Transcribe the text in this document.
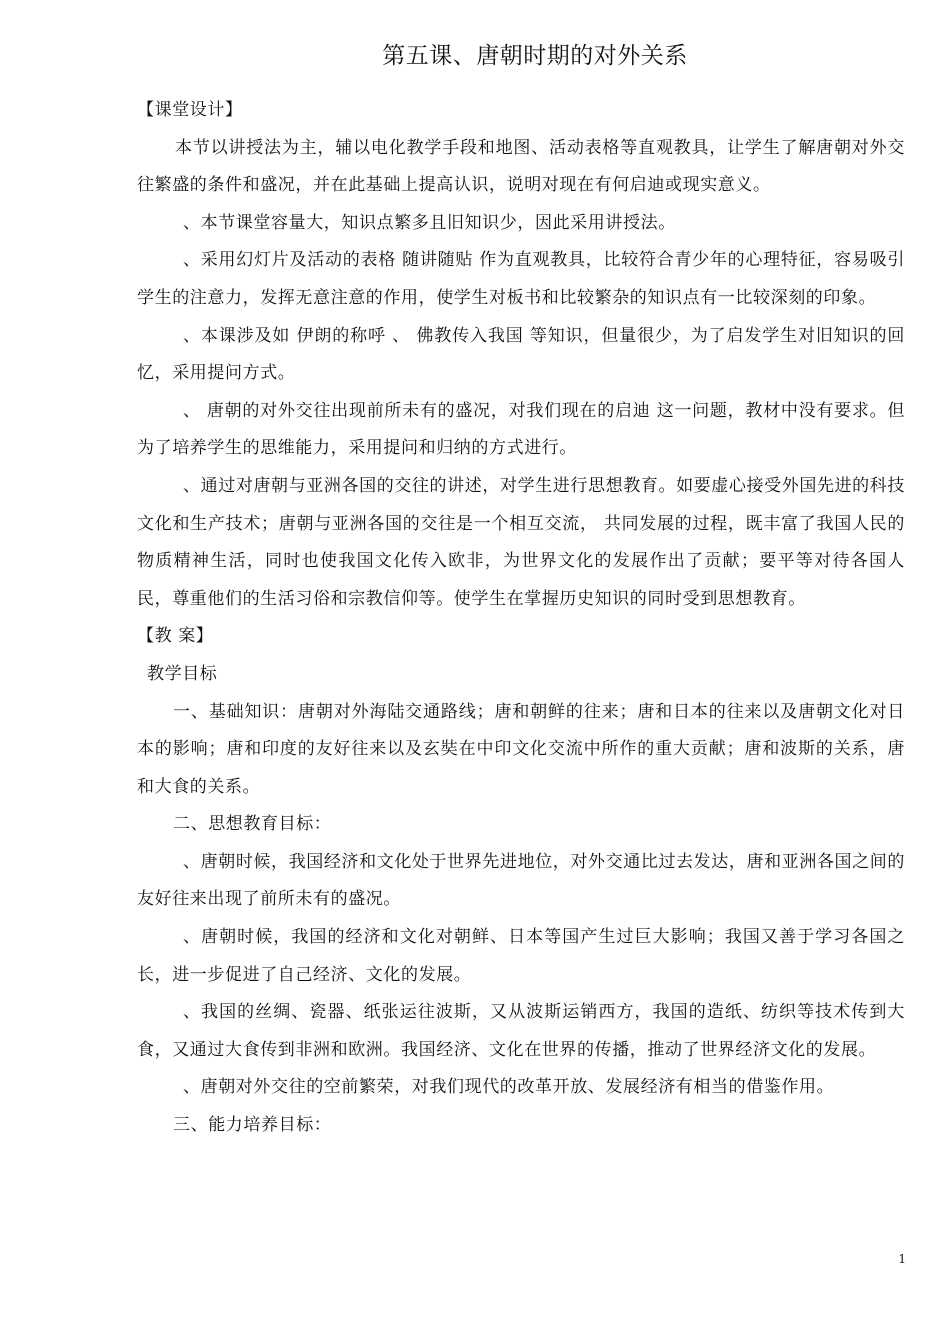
第五课、唐朝时期的对外关系

【课堂设计】

本节以讲授法为主，辅以电化教学手段和地图、活动表格等直观教具，让学生了解唐朝对外交往繁盛的条件和盛况，并在此基础上提高认识，说明对现在有何启迪或现实意义。

、本节课堂容量大，知识点繁多且旧知识少，因此采用讲授法。

、采用幻灯片及活动的表格 随讲随贴 作为直观教具，比较符合青少年的心理特征，容易吸引学生的注意力，发挥无意注意的作用，使学生对板书和比较繁杂的知识点有一比较深刻的印象。

、本课涉及如 伊朗的称呼 、 佛教传入我国 等知识，但量很少，为了启发学生对旧知识的回忆，采用提问方式。

、 唐朝的对外交往出现前所未有的盛况，对我们现在的启迪 这一问题，教材中没有要求。但为了培养学生的思维能力，采用提问和归纳的方式进行。

、通过对唐朝与亚洲各国的交往的讲述，对学生进行思想教育。如要虚心接受外国先进的科技文化和生产技术；唐朝与亚洲各国的交往是一个相互交流， 共同发展的过程，既丰富了我国人民的物质精神生活，同时也使我国文化传入欧非，为世界文化的发展作出了贡献；要平等对待各国人民，尊重他们的生活习俗和宗教信仰等。使学生在掌握历史知识的同时受到思想教育。

【教 案】

教学目标

一、基础知识：唐朝对外海陆交通路线；唐和朝鲜的往来；唐和日本的往来以及唐朝文化对日本的影响；唐和印度的友好往来以及玄奘在中印文化交流中所作的重大贡献；唐和波斯的关系，唐和大食的关系。

二、思想教育目标：

、唐朝时候，我国经济和文化处于世界先进地位，对外交通比过去发达，唐和亚洲各国之间的友好往来出现了前所未有的盛况。

、唐朝时候，我国的经济和文化对朝鲜、日本等国产生过巨大影响；我国又善于学习各国之长，进一步促进了自己经济、文化的发展。

、我国的丝绸、瓷器、纸张运往波斯，又从波斯运销西方，我国的造纸、纺织等技术传到大食，又通过大食传到非洲和欧洲。我国经济、文化在世界的传播，推动了世界经济文化的发展。

、唐朝对外交往的空前繁荣，对我们现代的改革开放、发展经济有相当的借鉴作用。

三、能力培养目标：

1
